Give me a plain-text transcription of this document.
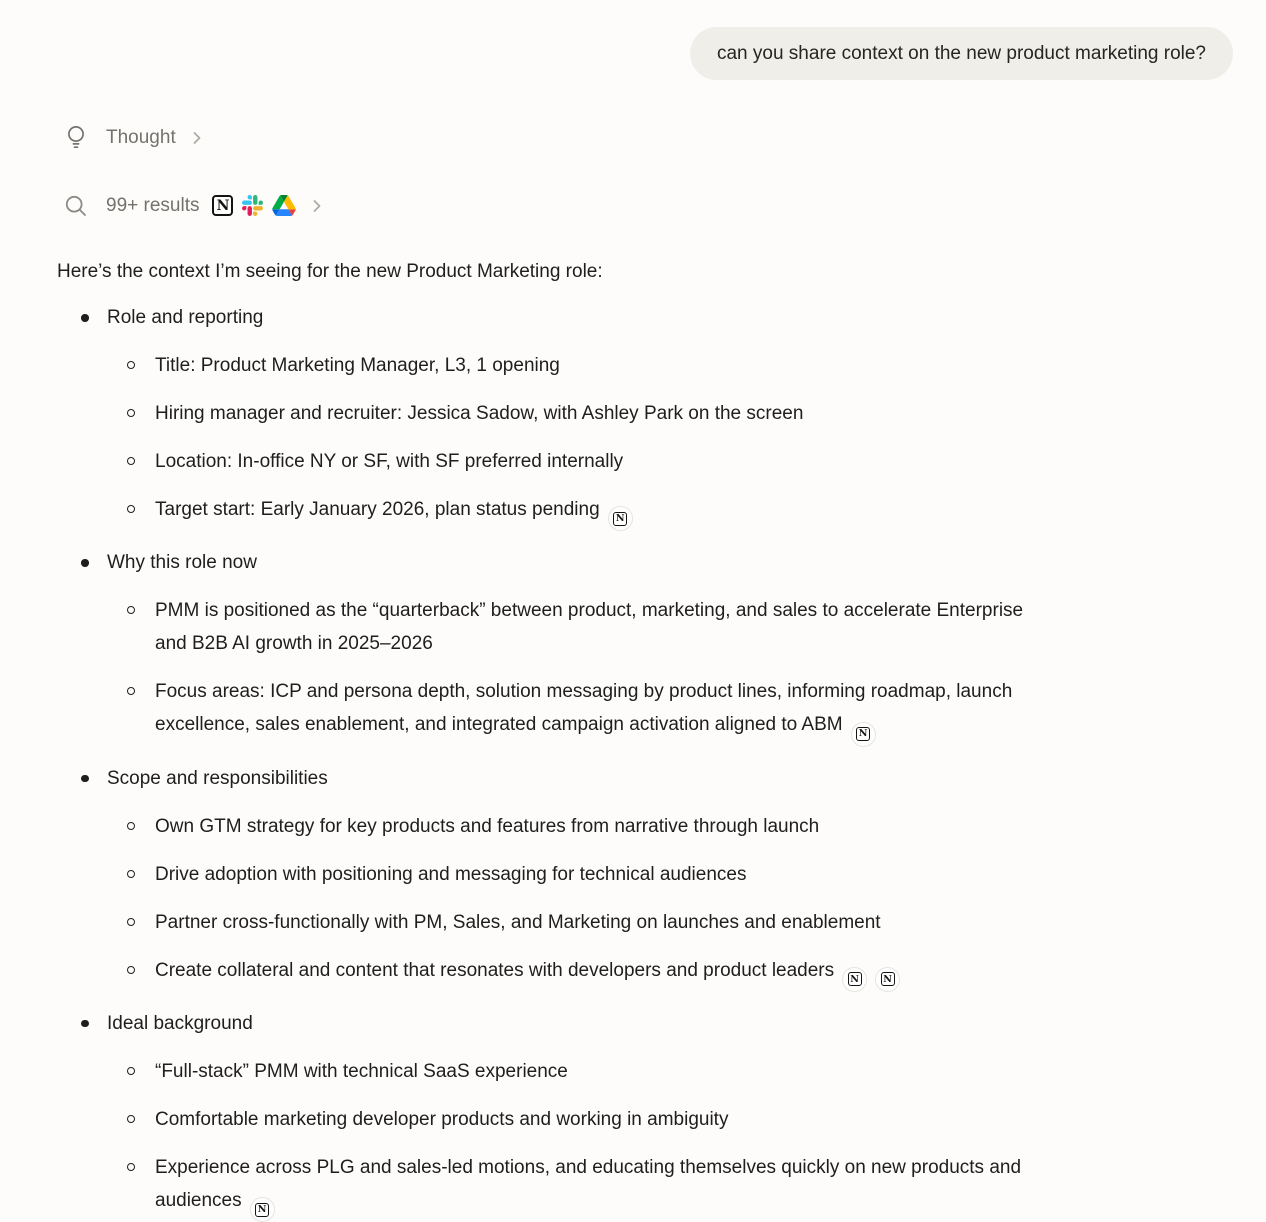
can you share context on the new product marketing role?
Thought
99+ results N
Here’s the context I’m seeing for the new Product Marketing role:
Role and reporting
Title: Product Marketing Manager, L3, 1 opening
Hiring manager and recruiter: Jessica Sadow, with Ashley Park on the screen
Location: In-office NY or SF, with SF preferred internally
Target start: Early January 2026, plan status pending N
Why this role now
PMM is positioned as the “quarterback” between product, marketing, and sales to accelerate Enterprise and B2B AI growth in 2025–2026
Focus areas: ICP and persona depth, solution messaging by product lines, informing roadmap, launch excellence, sales enablement, and integrated campaign activation aligned to ABM N
Scope and responsibilities
Own GTM strategy for key products and features from narrative through launch
Drive adoption with positioning and messaging for technical audiences
Partner cross-functionally with PM, Sales, and Marketing on launches and enablement
Create collateral and content that resonates with developers and product leaders N	N
Ideal background
“Full-stack” PMM with technical SaaS experience
Comfortable marketing developer products and working in ambiguity
Experience across PLG and sales-led motions, and educating themselves quickly on new products and audiences N
